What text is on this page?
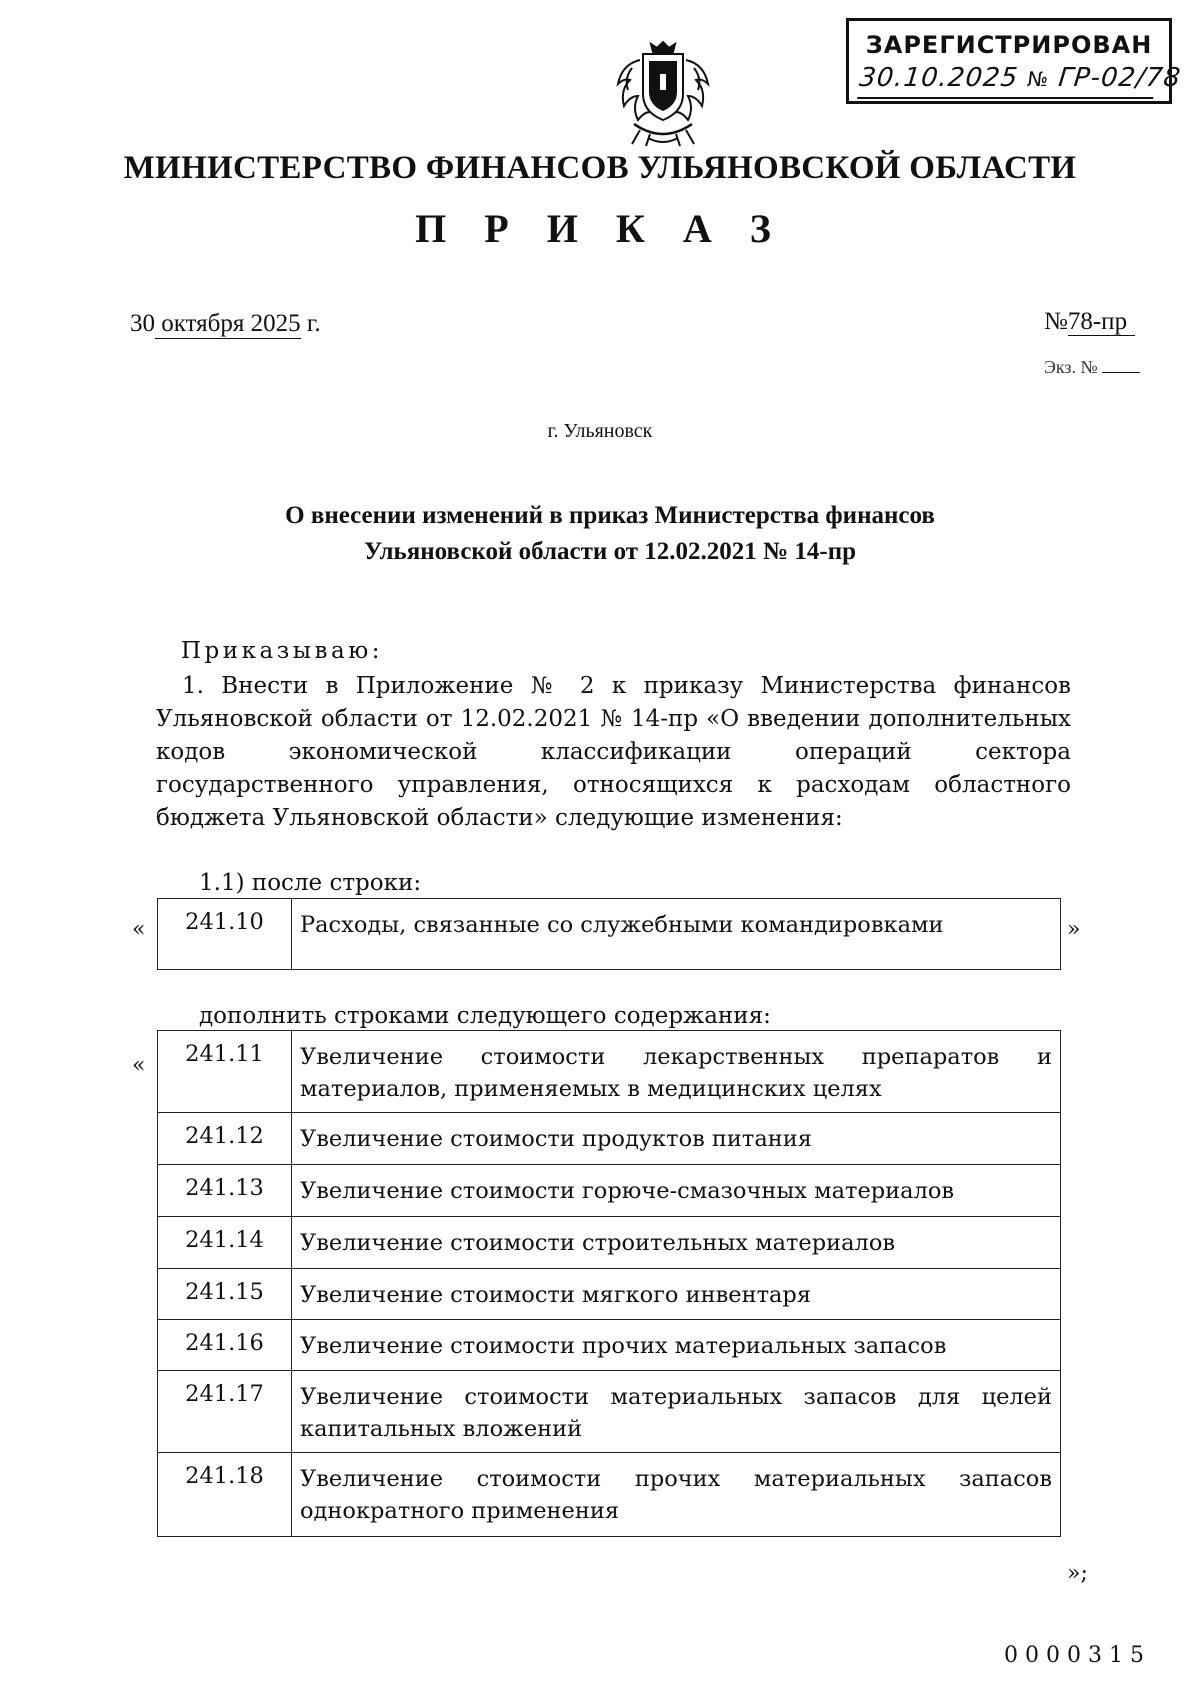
ЗАРЕГИСТРИРОВАН
30.10.2025 № ГР-02/78
МИНИСТЕРСТВО ФИНАНСОВ УЛЬЯНОВСКОЙ ОБЛАСТИ
П Р И К А З
30 октября 2025 г.	№78-пр
Экз. №
г. Ульяновск
О внесении изменений в приказ Министерства финансов
Ульяновской области от 12.02.2021 № 14-пр
Приказываю:
1. Внести в Приложение № 2 к приказу Министерства финансов Ульяновской области от 12.02.2021 № 14-пр «О введении дополнительных кодов экономической классификации операций сектора государственного управления, относящихся к расходам областного бюджета Ульяновской области» следующие изменения:
1.1) после строки:
« 241.10	Расходы, связанные со служебными командировками	»
дополнить строками следующего содержания:
« 241.11	Увеличение стоимости лекарственных препаратов и материалов, применяемых в медицинских целях
241.12	Увеличение стоимости продуктов питания
241.13	Увеличение стоимости горюче-смазочных материалов
241.14	Увеличение стоимости строительных материалов
241.15	Увеличение стоимости мягкого инвентаря
241.16	Увеличение стоимости прочих материальных запасов
241.17	Увеличение стоимости материальных запасов для целей капитальных вложений
241.18	Увеличение стоимости прочих материальных запасов однократного применения
»;
0000315
